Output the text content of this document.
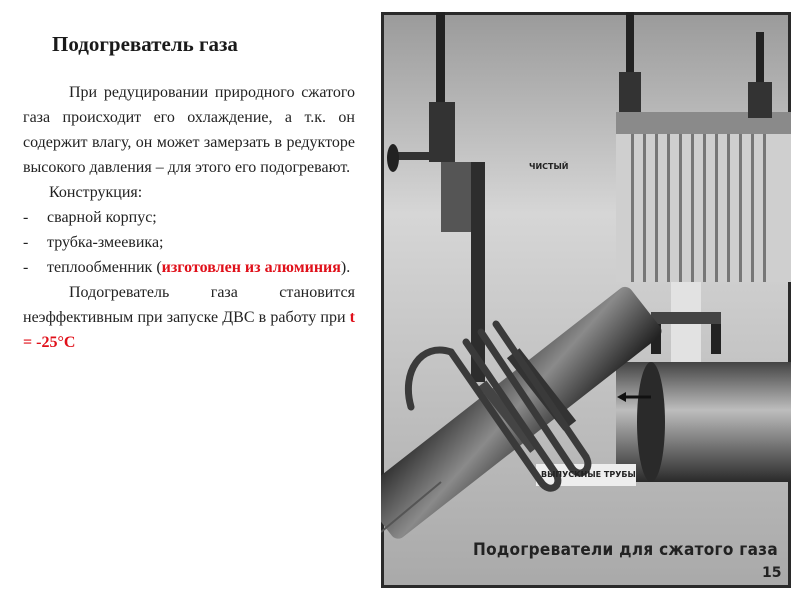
Подогреватель газа

При редуцировании природного сжатого газа происходит его охлаждение, а т.к. он содержит влагу, он может замерзать в редукторе высокого давления – для этого его подогревают.

Конструкция:

-	сварной корпус;
-	трубка-змеевика;
-	теплообменник (изготовлен из алюминия).

Подогреватель газа становится неэффективным при запуске ДВС в работу при t = -25°C

ЧИСТЫЙ
ВЫПУСКНЫЕ ТРУБЫ
Подогреватели для сжатого газа
15
